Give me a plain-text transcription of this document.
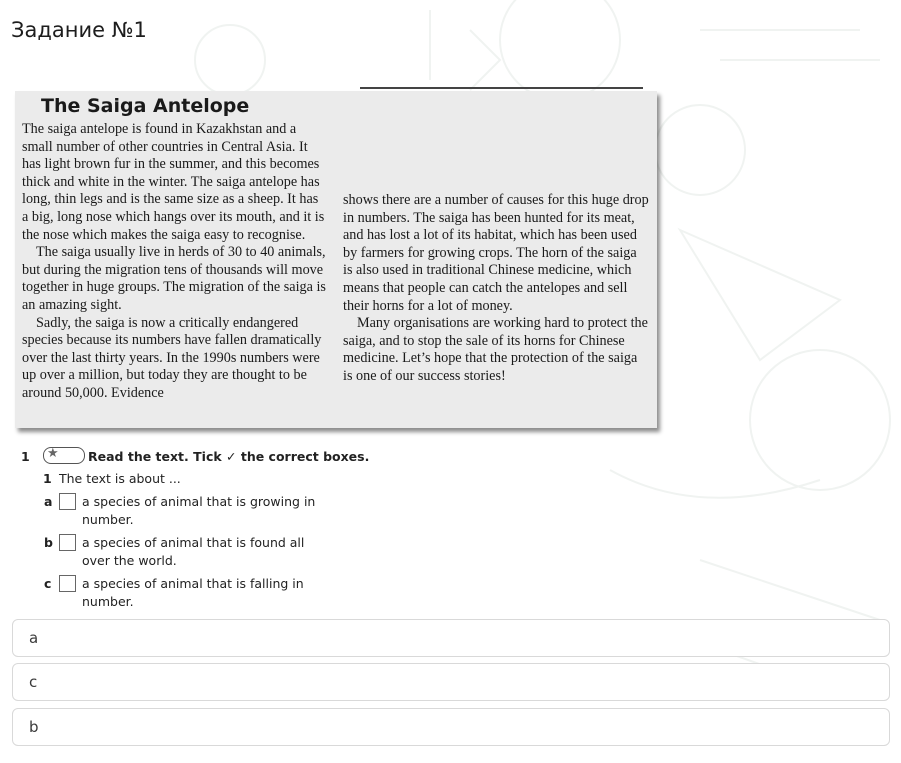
Задание №1
The Saiga Antelope

The saiga antelope is found in Kazakhstan and a small number of other countries in Central Asia. It has light brown fur in the summer, and this becomes thick and white in the winter. The saiga antelope has long, thin legs and is the same size as a sheep. It has a big, long nose which hangs over its mouth, and it is the nose which makes the saiga easy to recognise.

The saiga usually live in herds of 30 to 40 animals, but during the migration tens of thousands will move together in huge groups. The migration of the saiga is an amazing sight.

Sadly, the saiga is now a critically endangered species because its numbers have fallen dramatically over the last thirty years. In the 1990s numbers were up over a million, but today they are thought to be around 50,000. Evidence

shows there are a number of causes for this huge drop in numbers. The saiga has been hunted for its meat, and has lost a lot of its habitat, which has been used by farmers for growing crops. The horn of the saiga is also used in traditional Chinese medicine, which means that people can catch the antelopes and sell their horns for a lot of money.

Many organisations are working hard to protect the saiga, and to stop the sale of its horns for Chinese medicine. Let’s hope that the protection of the saiga is one of our success stories!

1 ★ Read the text. Tick ✓ the correct boxes.
1 The text is about ...
a a species of animal that is growing in number.
b a species of animal that is found all over the world.
c a species of animal that is falling in number.
a
c
b
